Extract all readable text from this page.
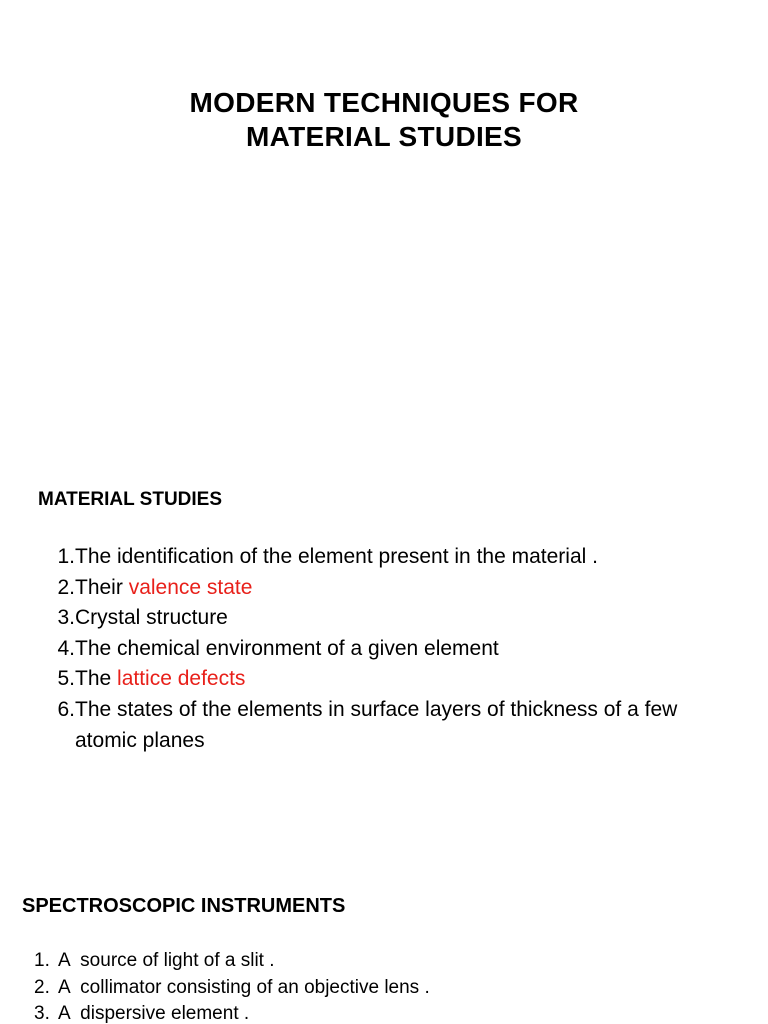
MODERN TECHNIQUES FOR
MATERIAL STUDIES
MATERIAL STUDIES
1. The identification of the element present in the material .
2. Their valence state
3. Crystal structure
4. The chemical environment of a given element
5. The lattice defects
6. The states of the elements in surface layers of thickness of a few atomic planes
SPECTROSCOPIC INSTRUMENTS
1. A  source of light of a slit .
2. A  collimator consisting of an objective lens .
3. A  dispersive element .
